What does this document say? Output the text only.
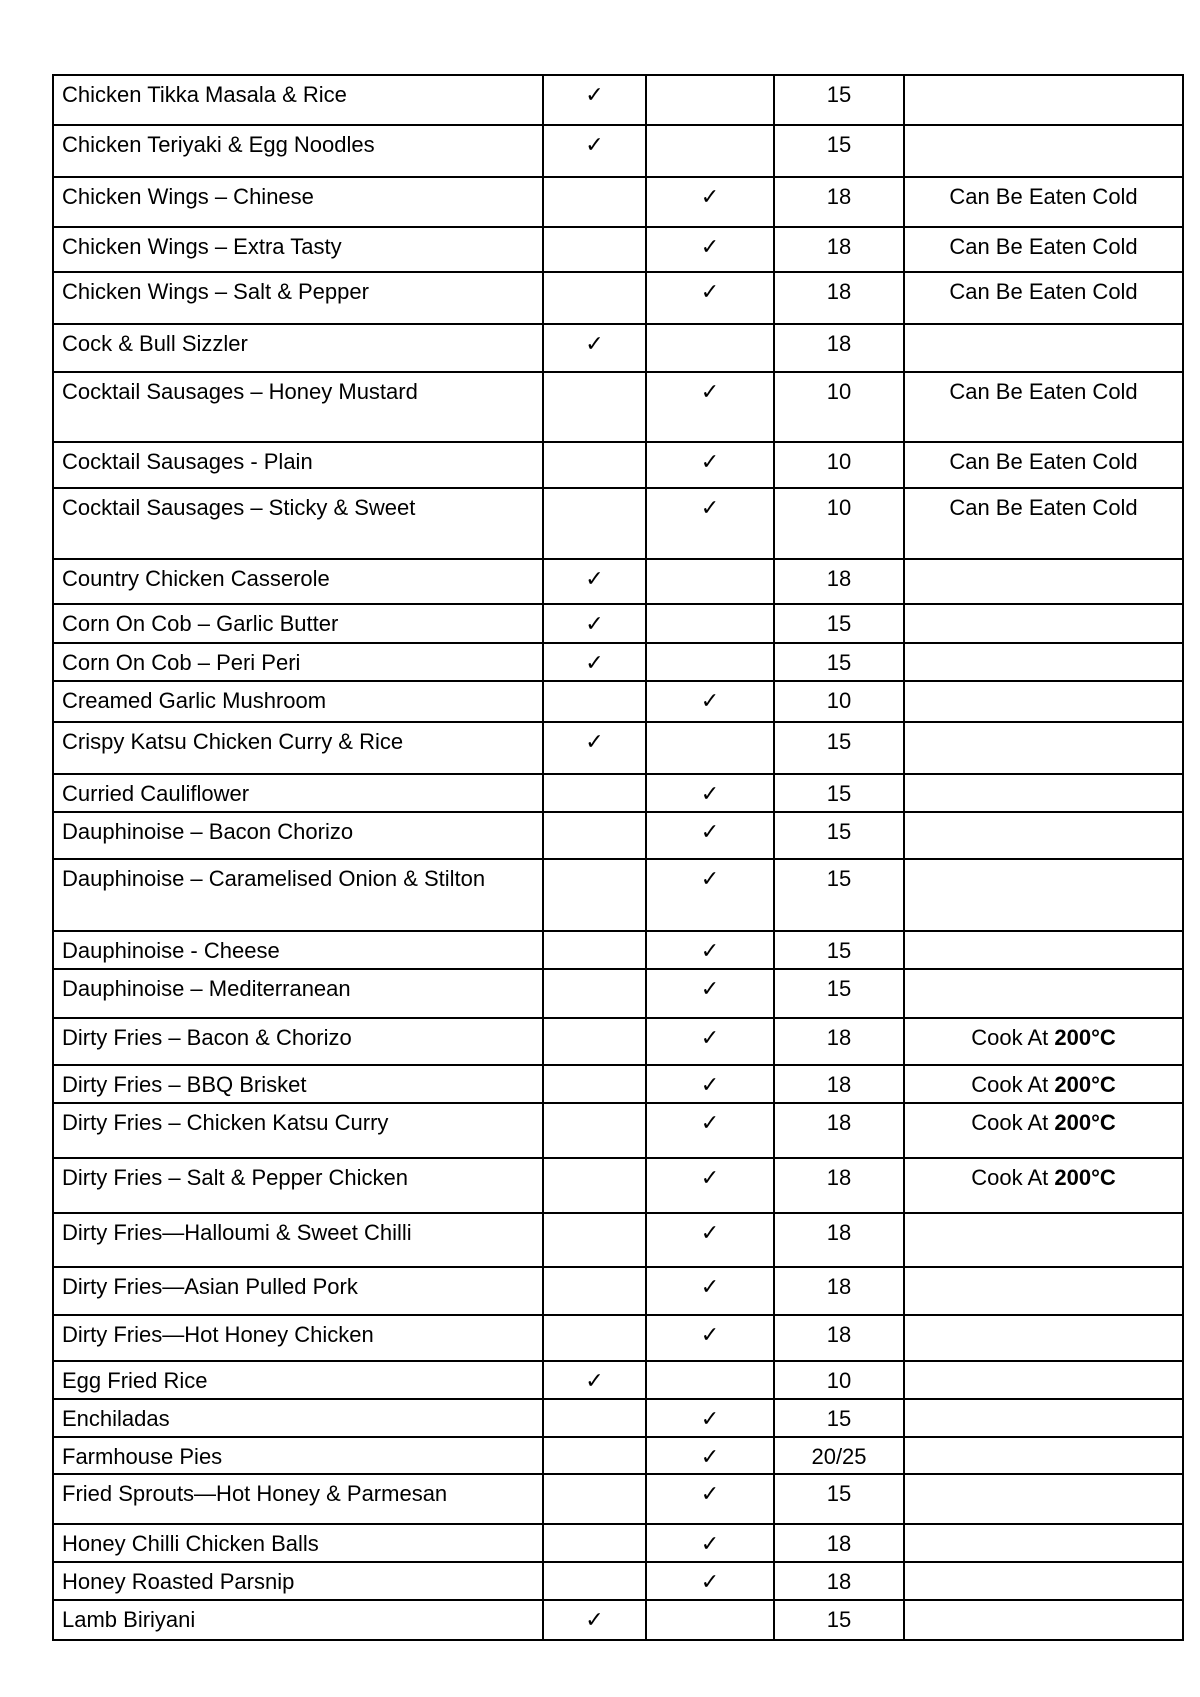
Chicken Tikka Masala & Rice	✓		15	
Chicken Teriyaki & Egg Noodles	✓		15	
Chicken Wings – Chinese		✓	18	Can Be Eaten Cold
Chicken Wings – Extra Tasty		✓	18	Can Be Eaten Cold
Chicken Wings – Salt & Pepper		✓	18	Can Be Eaten Cold
Cock & Bull Sizzler	✓		18	
Cocktail Sausages – Honey Mustard		✓	10	Can Be Eaten Cold
Cocktail Sausages - Plain		✓	10	Can Be Eaten Cold
Cocktail Sausages – Sticky & Sweet		✓	10	Can Be Eaten Cold
Country Chicken Casserole	✓		18	
Corn On Cob – Garlic Butter	✓		15	
Corn On Cob – Peri Peri	✓		15	
Creamed Garlic Mushroom		✓	10	
Crispy Katsu Chicken Curry & Rice	✓		15	
Curried Cauliflower		✓	15	
Dauphinoise – Bacon Chorizo		✓	15	
Dauphinoise – Caramelised Onion & Stilton		✓	15	
Dauphinoise - Cheese		✓	15	
Dauphinoise – Mediterranean		✓	15	
Dirty Fries – Bacon & Chorizo		✓	18	Cook At 200°C
Dirty Fries – BBQ Brisket		✓	18	Cook At 200°C
Dirty Fries – Chicken Katsu Curry		✓	18	Cook At 200°C
Dirty Fries – Salt & Pepper Chicken		✓	18	Cook At 200°C
Dirty Fries—Halloumi & Sweet Chilli		✓	18	
Dirty Fries—Asian Pulled Pork		✓	18	
Dirty Fries—Hot Honey Chicken		✓	18	
Egg Fried Rice	✓		10	
Enchiladas		✓	15	
Farmhouse Pies		✓	20/25	
Fried Sprouts—Hot Honey & Parmesan		✓	15	
Honey Chilli Chicken Balls		✓	18	
Honey Roasted Parsnip		✓	18	
Lamb Biriyani	✓		15	
